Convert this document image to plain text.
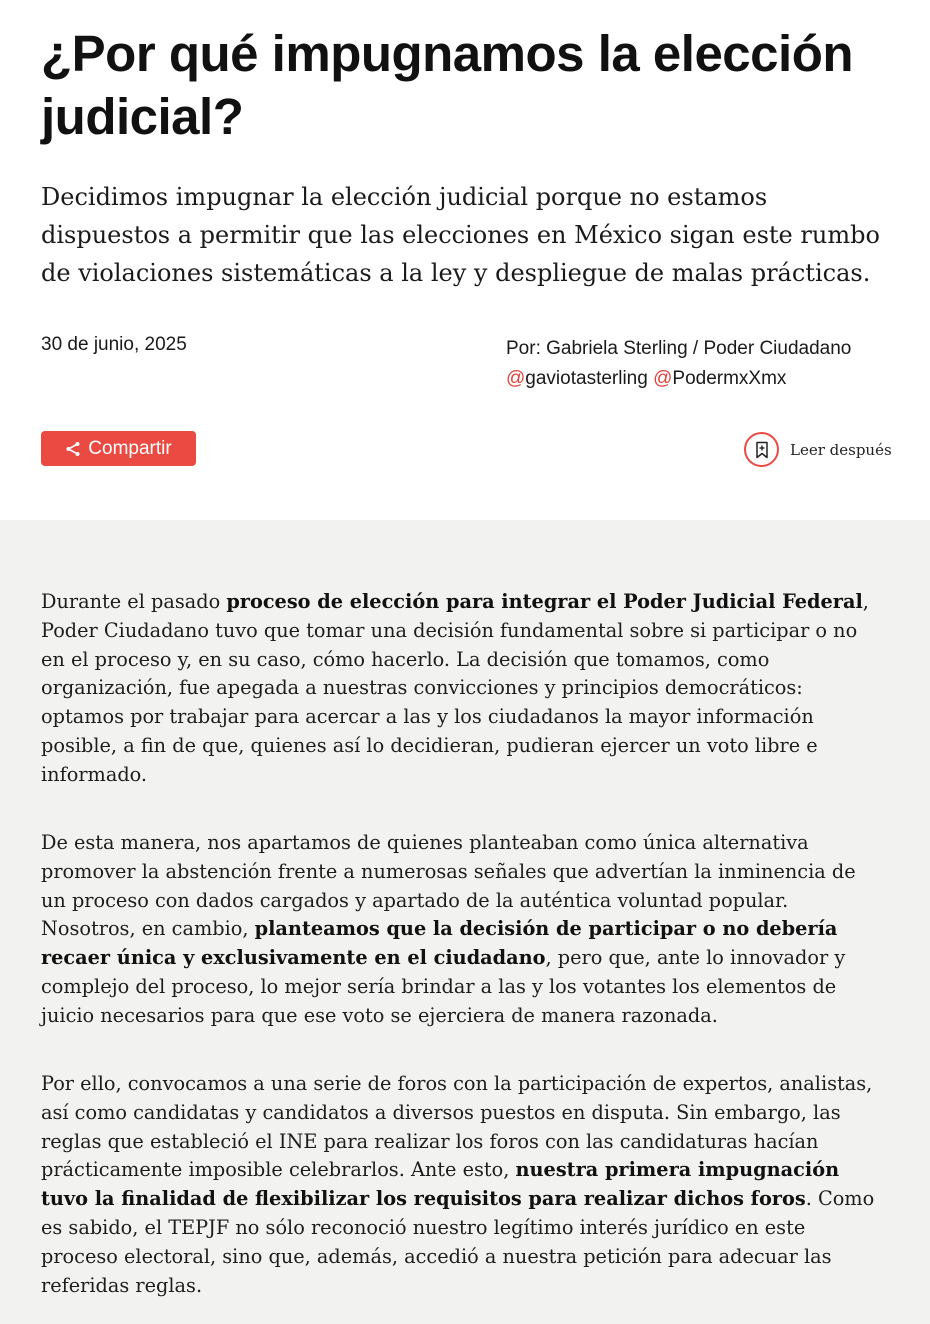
¿Por qué impugnamos la elección judicial?

Decidimos impugnar la elección judicial porque no estamos dispuestos a permitir que las elecciones en México sigan este rumbo de violaciones sistemáticas a la ley y despliegue de malas prácticas.

30 de junio, 2025	Por: Gabriela Sterling / Poder Ciudadano
@gaviotasterling @PodermxXmx
Compartir	Leer después

Durante el pasado proceso de elección para integrar el Poder Judicial Federal, Poder Ciudadano tuvo que tomar una decisión fundamental sobre si participar o no en el proceso y, en su caso, cómo hacerlo. La decisión que tomamos, como organización, fue apegada a nuestras convicciones y principios democráticos: optamos por trabajar para acercar a las y los ciudadanos la mayor información posible, a fin de que, quienes así lo decidieran, pudieran ejercer un voto libre e informado.

De esta manera, nos apartamos de quienes planteaban como única alternativa promover la abstención frente a numerosas señales que advertían la inminencia de un proceso con dados cargados y apartado de la auténtica voluntad popular. Nosotros, en cambio, planteamos que la decisión de participar o no debería recaer única y exclusivamente en el ciudadano, pero que, ante lo innovador y complejo del proceso, lo mejor sería brindar a las y los votantes los elementos de juicio necesarios para que ese voto se ejerciera de manera razonada.

Por ello, convocamos a una serie de foros con la participación de expertos, analistas, así como candidatas y candidatos a diversos puestos en disputa. Sin embargo, las reglas que estableció el INE para realizar los foros con las candidaturas hacían prácticamente imposible celebrarlos. Ante esto, nuestra primera impugnación tuvo la finalidad de flexibilizar los requisitos para realizar dichos foros. Como es sabido, el TEPJF no sólo reconoció nuestro legítimo interés jurídico en este proceso electoral, sino que, además, accedió a nuestra petición para adecuar las referidas reglas.
